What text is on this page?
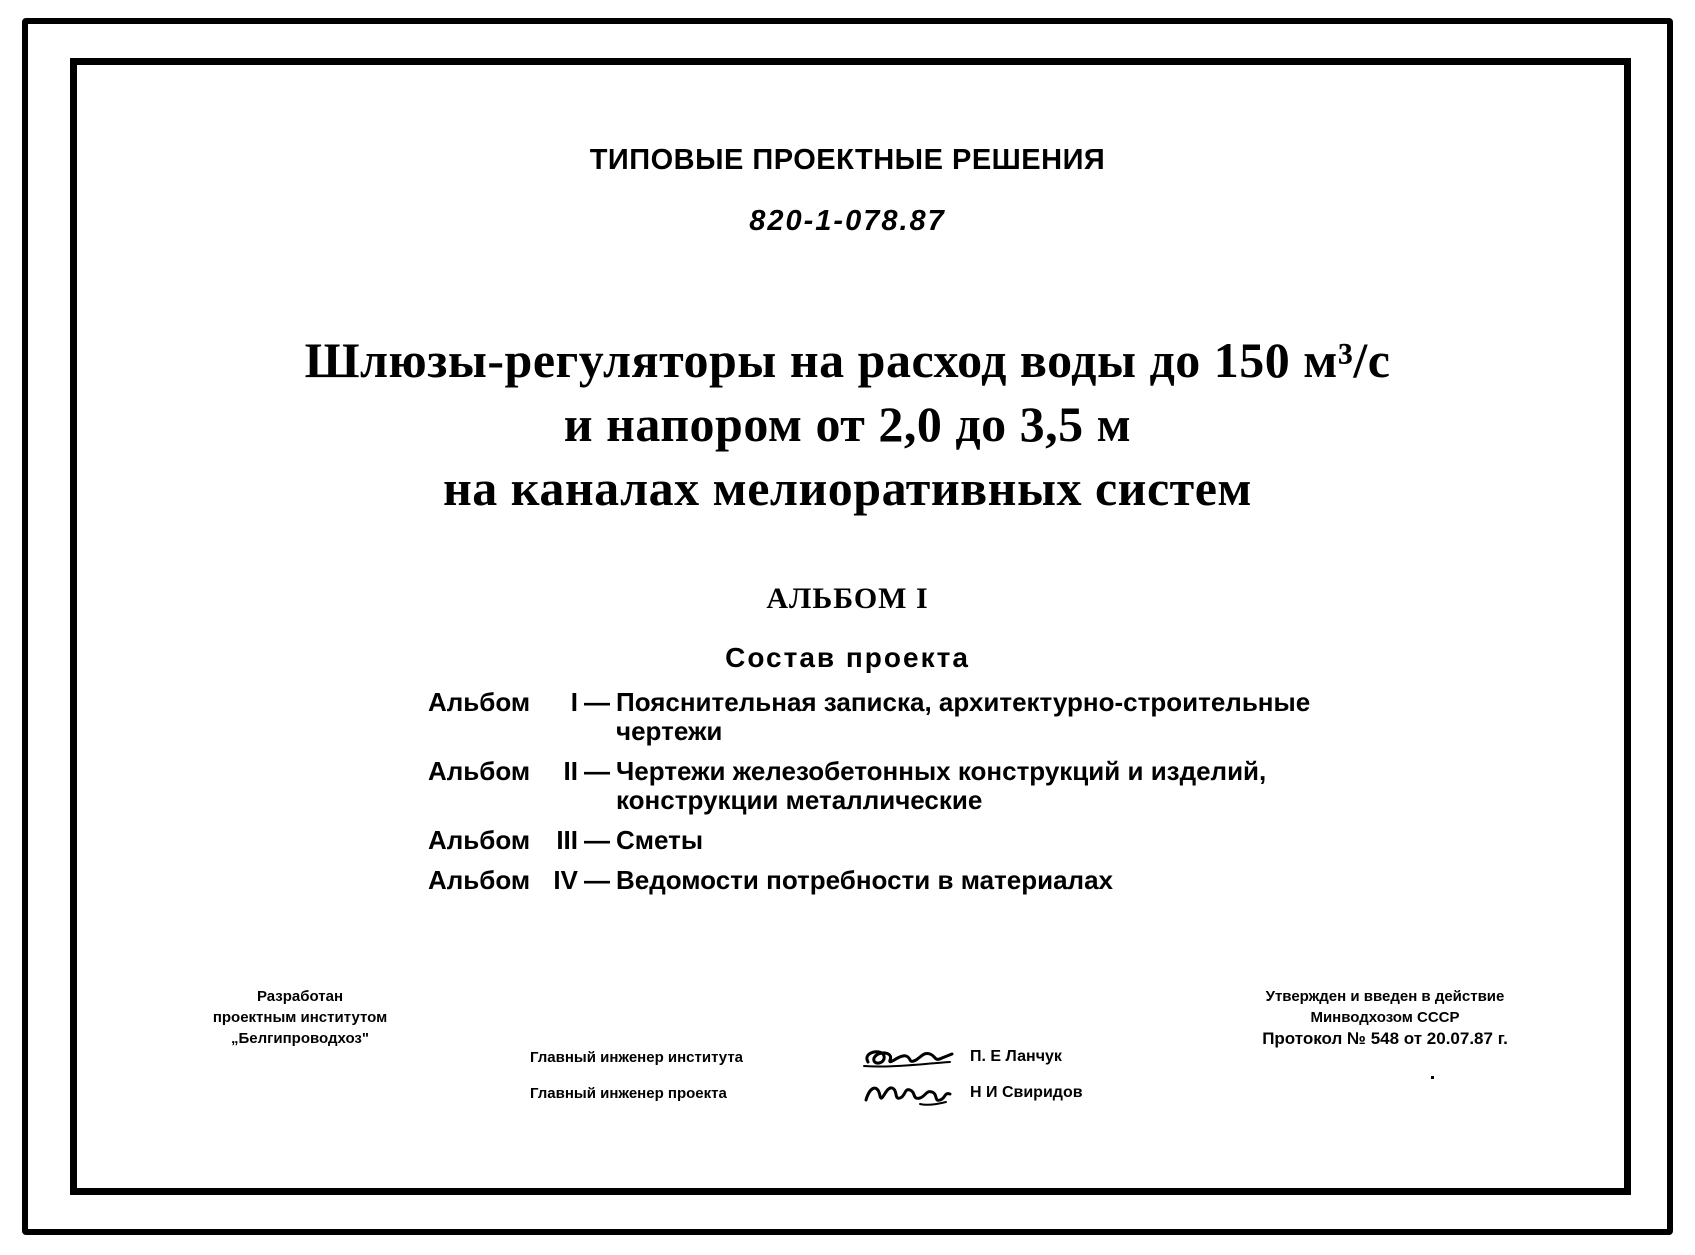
ТИПОВЫЕ ПРОЕКТНЫЕ РЕШЕНИЯ
820-1-078.87
Шлюзы-регуляторы на расход воды до 150 м³/с
и напором от 2,0 до 3,5 м
на каналах мелиоративных систем
АЛЬБОМ I
Состав проекта
Альбом	I — Пояснительная записка, архитектурно-строительные чертежи
Альбом	II — Чертежи железобетонных конструкций и изделий, конструкции металлические
Альбом	III — Сметы
Альбом IV — Ведомости потребности в материалах
Разработан
проектным институтом
„Белгипроводхоз"
Утвержден и введен в действие
Минводхозом СССР
Протокол № 548 от 20.07.87 г.
Главный инженер института	П. Е Ланчук
Главный инженер проекта	Н И Свиридов
